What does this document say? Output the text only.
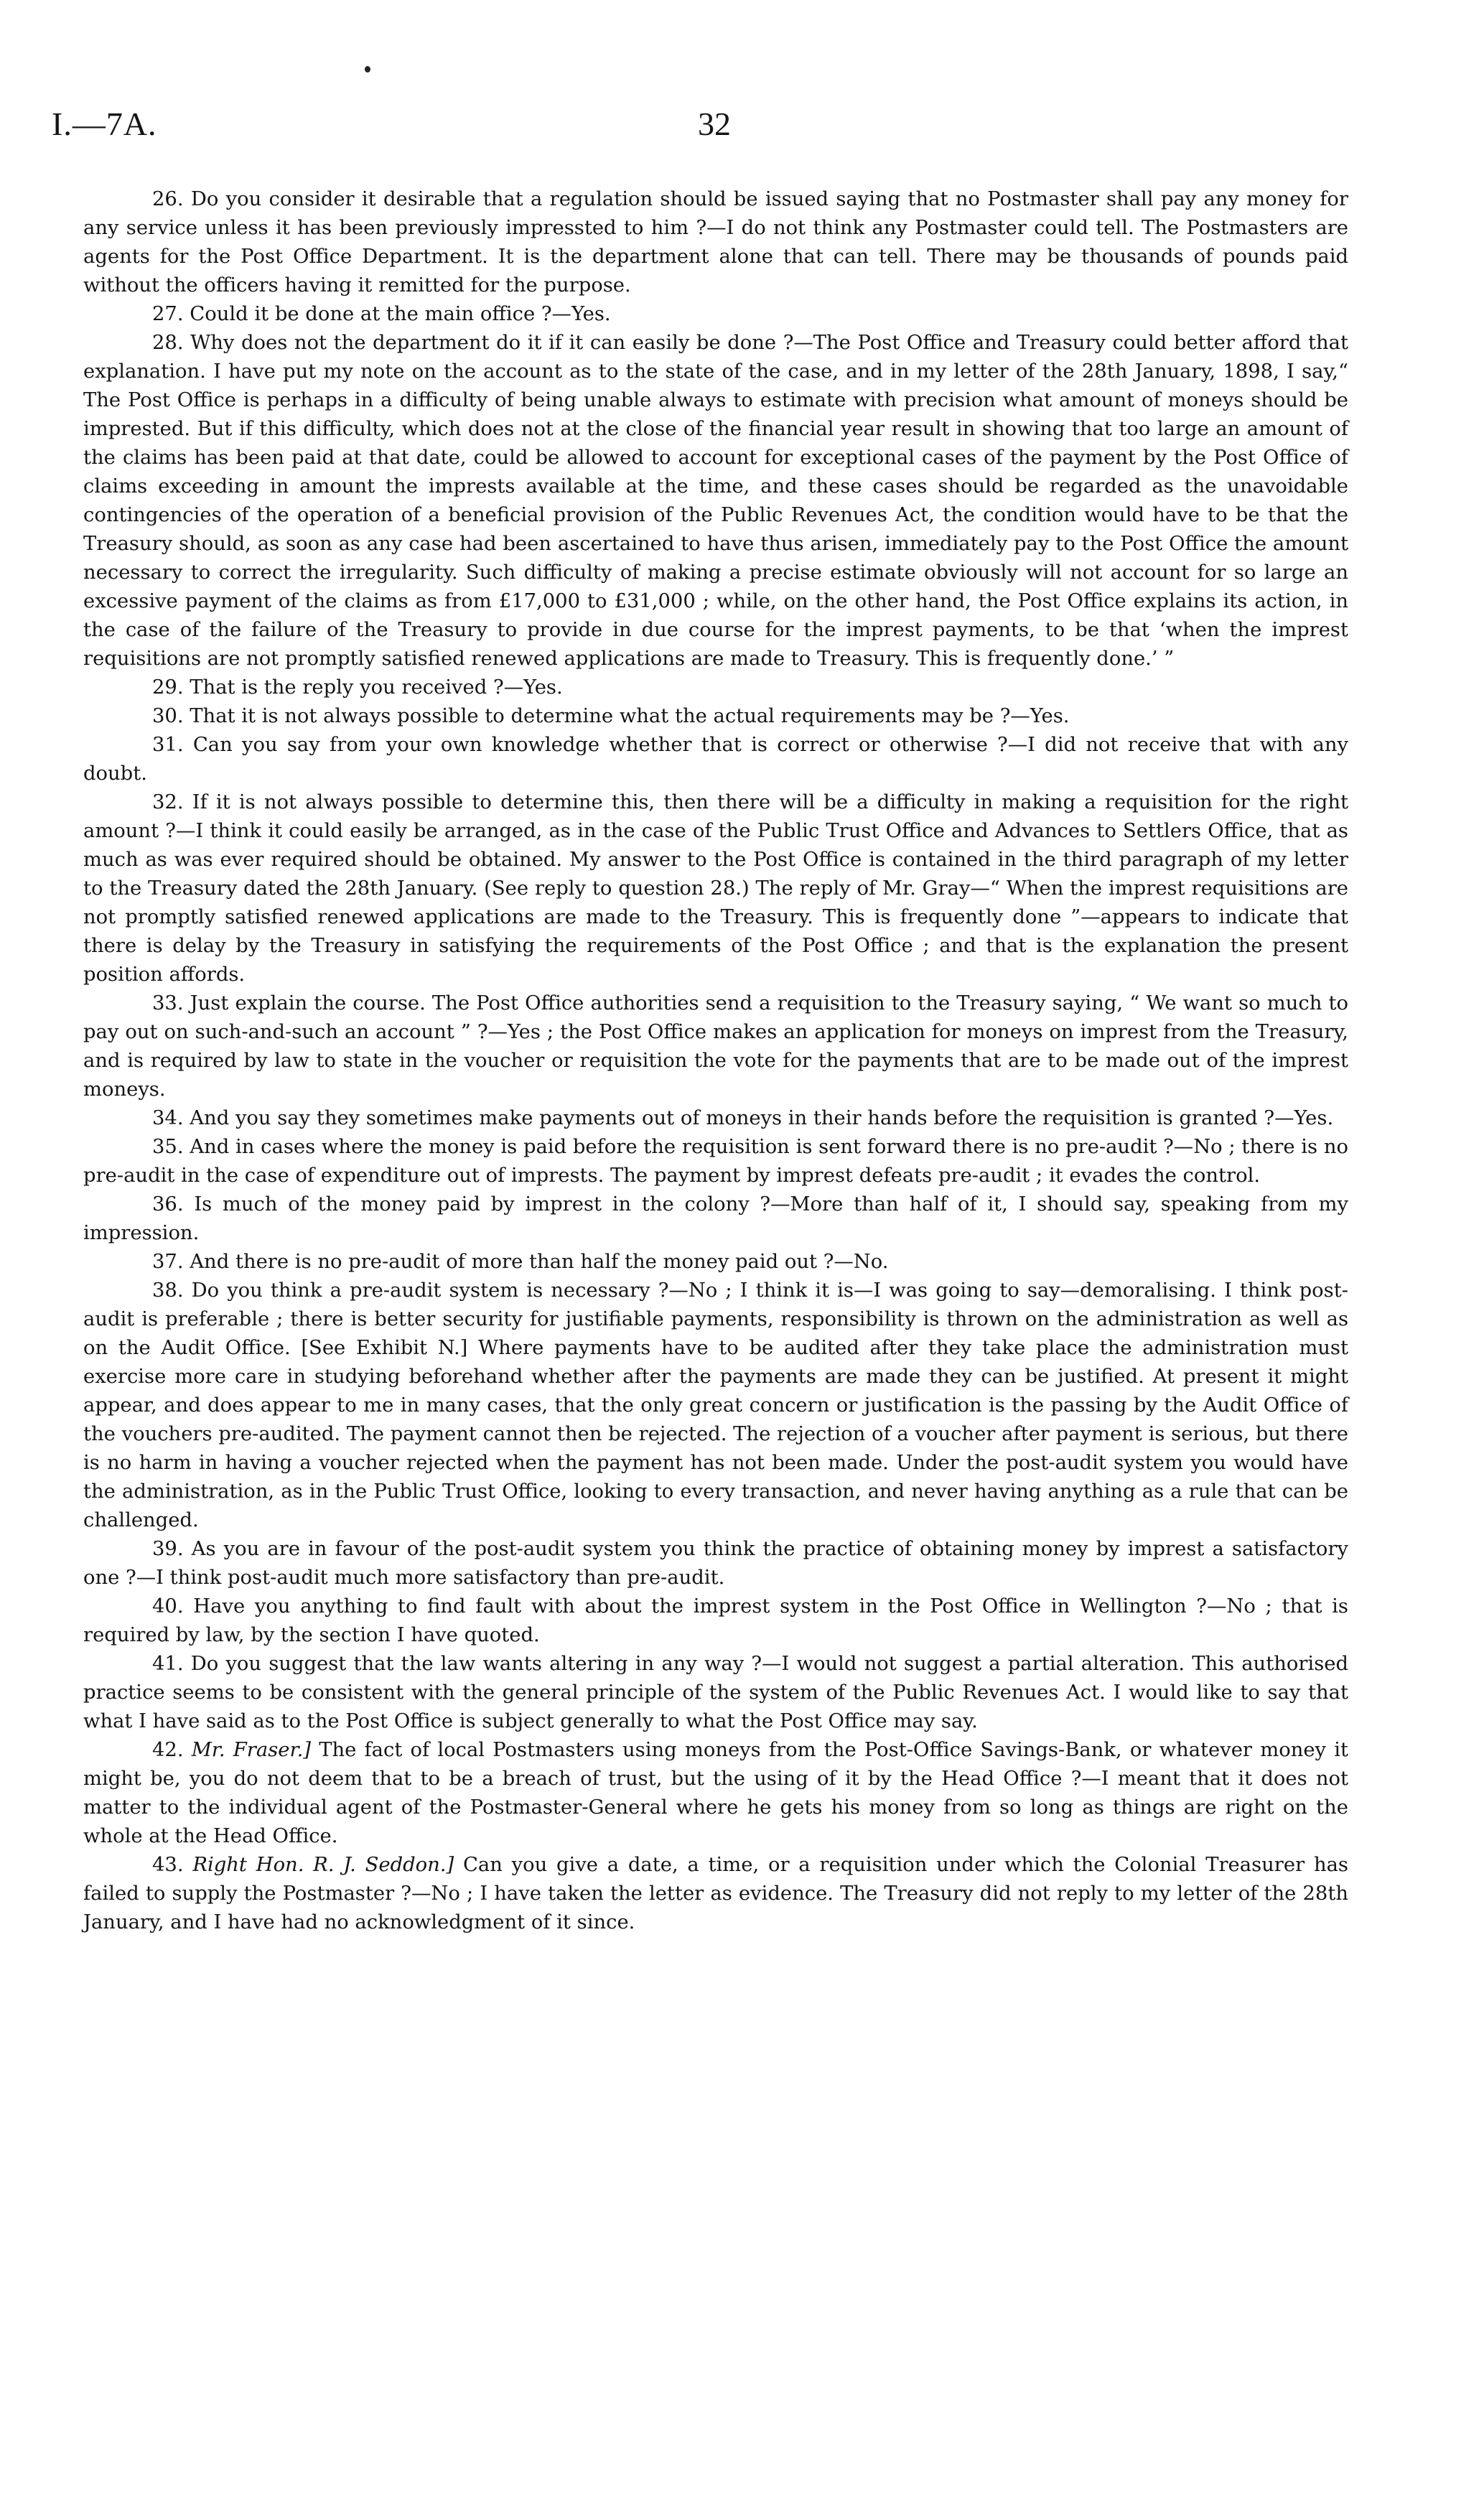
I.—7A.	32

26. Do you consider it desirable that a regulation should be issued saying that no Postmaster shall pay any money for any service unless it has been previously impressted to him ?—I do not think any Postmaster could tell. The Postmasters are agents for the Post Office Department. It is the department alone that can tell. There may be thousands of pounds paid without the officers having it remitted for the purpose.

27. Could it be done at the main office ?—Yes.

28. Why does not the department do it if it can easily be done ?—The Post Office and Treasury could better afford that explanation. I have put my note on the account as to the state of the case, and in my letter of the 28th January, 1898, I say,“ The Post Office is perhaps in a difficulty of being unable always to estimate with precision what amount of moneys should be imprested. But if this difficulty, which does not at the close of the financial year result in showing that too large an amount of the claims has been paid at that date, could be allowed to account for exceptional cases of the payment by the Post Office of claims exceeding in amount the imprests available at the time, and these cases should be regarded as the unavoidable contingencies of the operation of a beneficial provision of the Public Revenues Act, the condition would have to be that the Treasury should, as soon as any case had been ascertained to have thus arisen, immediately pay to the Post Office the amount necessary to correct the irregularity. Such difficulty of making a precise estimate obviously will not account for so large an excessive payment of the claims as from £17,000 to £31,000 ; while, on the other hand, the Post Office explains its action, in the case of the failure of the Treasury to provide in due course for the imprest payments, to be that ‘when the imprest requisitions are not promptly satisfied renewed applications are made to Treasury. This is frequently done.’ ”

29. That is the reply you received ?—Yes.

30. That it is not always possible to determine what the actual requirements may be ?—Yes.

31. Can you say from your own knowledge whether that is correct or otherwise ?—I did not receive that with any doubt.

32. If it is not always possible to determine this, then there will be a difficulty in making a requisition for the right amount ?—I think it could easily be arranged, as in the case of the Public Trust Office and Advances to Settlers Office, that as much as was ever required should be obtained. My answer to the Post Office is contained in the third paragraph of my letter to the Treasury dated the 28th January. (See reply to question 28.) The reply of Mr. Gray—“ When the imprest requisitions are not promptly satisfied renewed applications are made to the Treasury. This is frequently done ”—appears to indicate that there is delay by the Treasury in satisfying the requirements of the Post Office ; and that is the explanation the present position affords.

33. Just explain the course. The Post Office authorities send a requisition to the Treasury saying, “ We want so much to pay out on such-and-such an account ” ?—Yes ; the Post Office makes an application for moneys on imprest from the Treasury, and is required by law to state in the voucher or requisition the vote for the payments that are to be made out of the imprest moneys.

34. And you say they sometimes make payments out of moneys in their hands before the requisition is granted ?—Yes.

35. And in cases where the money is paid before the requisition is sent forward there is no pre-audit ?—No ; there is no pre-audit in the case of expenditure out of imprests. The payment by imprest defeats pre-audit ; it evades the control.

36. Is much of the money paid by imprest in the colony ?—More than half of it, I should say, speaking from my impression.

37. And there is no pre-audit of more than half the money paid out ?—No.

38. Do you think a pre-audit system is necessary ?—No ; I think it is—I was going to say—demoralising. I think post-audit is preferable ; there is better security for justifiable payments, responsibility is thrown on the administration as well as on the Audit Office. [See Exhibit N.] Where payments have to be audited after they take place the administration must exercise more care in studying beforehand whether after the payments are made they can be justified. At present it might appear, and does appear to me in many cases, that the only great concern or justification is the passing by the Audit Office of the vouchers pre-audited. The payment cannot then be rejected. The rejection of a voucher after payment is serious, but there is no harm in having a voucher rejected when the payment has not been made. Under the post-audit system you would have the administration, as in the Public Trust Office, looking to every transaction, and never having anything as a rule that can be challenged.

39. As you are in favour of the post-audit system you think the practice of obtaining money by imprest a satisfactory one ?—I think post-audit much more satisfactory than pre-audit.

40. Have you anything to find fault with about the imprest system in the Post Office in Wellington ?—No ; that is required by law, by the section I have quoted.

41. Do you suggest that the law wants altering in any way ?—I would not suggest a partial alteration. This authorised practice seems to be consistent with the general principle of the system of the Public Revenues Act. I would like to say that what I have said as to the Post Office is subject generally to what the Post Office may say.

42. Mr. Fraser.] The fact of local Postmasters using moneys from the Post-Office Savings-Bank, or whatever money it might be, you do not deem that to be a breach of trust, but the using of it by the Head Office ?—I meant that it does not matter to the individual agent of the Postmaster-General where he gets his money from so long as things are right on the whole at the Head Office.

43. Right Hon. R. J. Seddon.] Can you give a date, a time, or a requisition under which the Colonial Treasurer has failed to supply the Postmaster ?—No ; I have taken the letter as evidence. The Treasury did not reply to my letter of the 28th January, and I have had no acknowledgment of it since.
